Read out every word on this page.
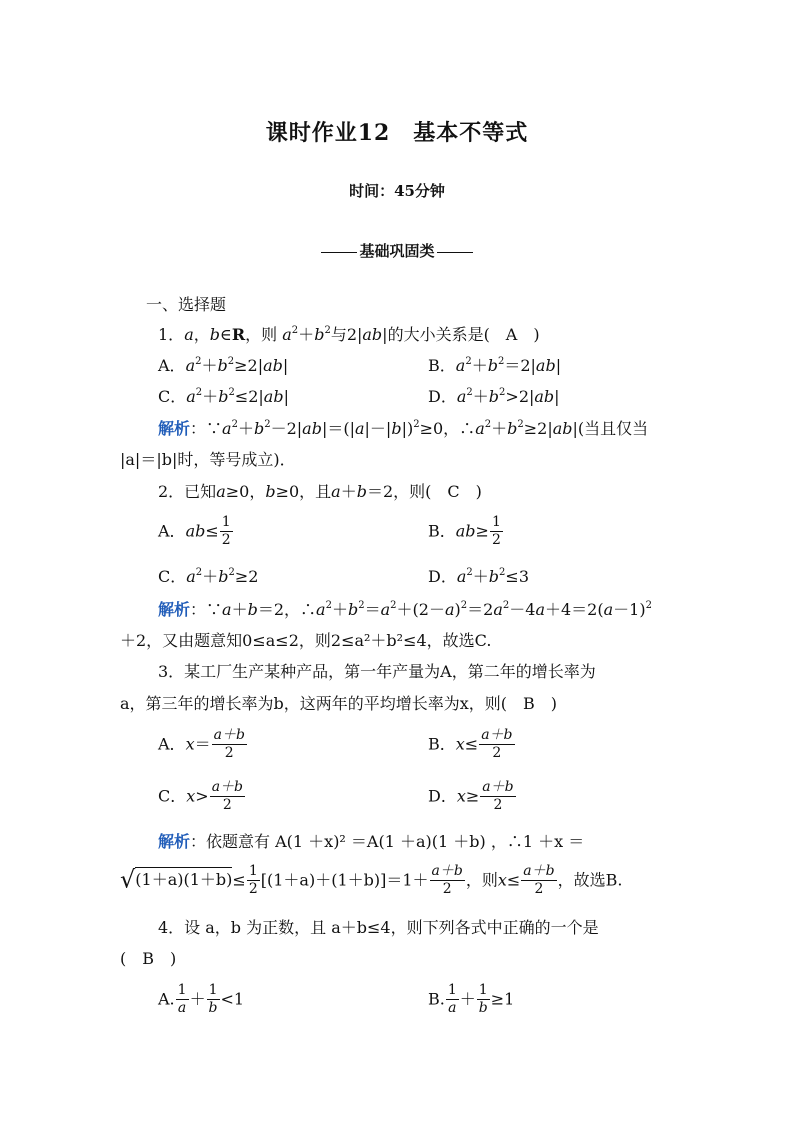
课时作业12　基本不等式
时间：45分钟
基础巩固类
一、选择题
1．a，b∈R，则 $a^2+b^2$与2|ab|的大小关系是(　A　)
A．$a^2+b^2\ge 2|ab|$	B．$a^2+b^2=2|ab|$
C．$a^2+b^2\le 2|ab|$	D．$a^2+b^2>2|ab|$
解析：$\because a^2+b^2-2|ab|=(|a|-|b|)^2\ge 0$，$\therefore a^2+b^2\ge 2|ab|$(当且仅当
|a|＝|b|时，等号成立)．
2．已知a≥0，b≥0，且a＋b＝2，则(　C　)
A．$ab\le \frac{1}{2}$	B．$ab\ge \frac{1}{2}$
C．$a^2+b^2\ge 2$	D．$a^2+b^2\le 3$
解析：∵a＋b＝2，$\therefore a^2+b^2=a^2+(2-a)^2=2a^2-4a+4=2(a-1)^2$
＋2，又由题意知0≤a≤2，则2≤a²＋b²≤4，故选C.
3．某工厂生产某种产品，第一年产量为A，第二年的增长率为
a，第三年的增长率为b，这两年的平均增长率为x，则(　B　)
A．$x= \frac{a+b}{2}$	B．$x\le \frac{a+b}{2}$
C．$x> \frac{a+b}{2}$	D．$x\ge \frac{a+b}{2}$
解析：依题意有 A(1 ＋x)² ＝A(1 ＋a)(1 ＋b) ，∴1 ＋x ＝
$√(1+a)(1+b)\le \frac{1}{2} [(1+a)+(1+b)]=1+ \frac{a+b}{2}$ ，则$x\le \frac{a+b}{2}$ ，故选B.
4．设 a，b 为正数，且 a＋b≤4，则下列各式中正确的一个是
(　B　)
A. $\frac{1}{a} + \frac{1}{b} <1$	B. $\frac{1}{a} + \frac{1}{b} \ge 1$
